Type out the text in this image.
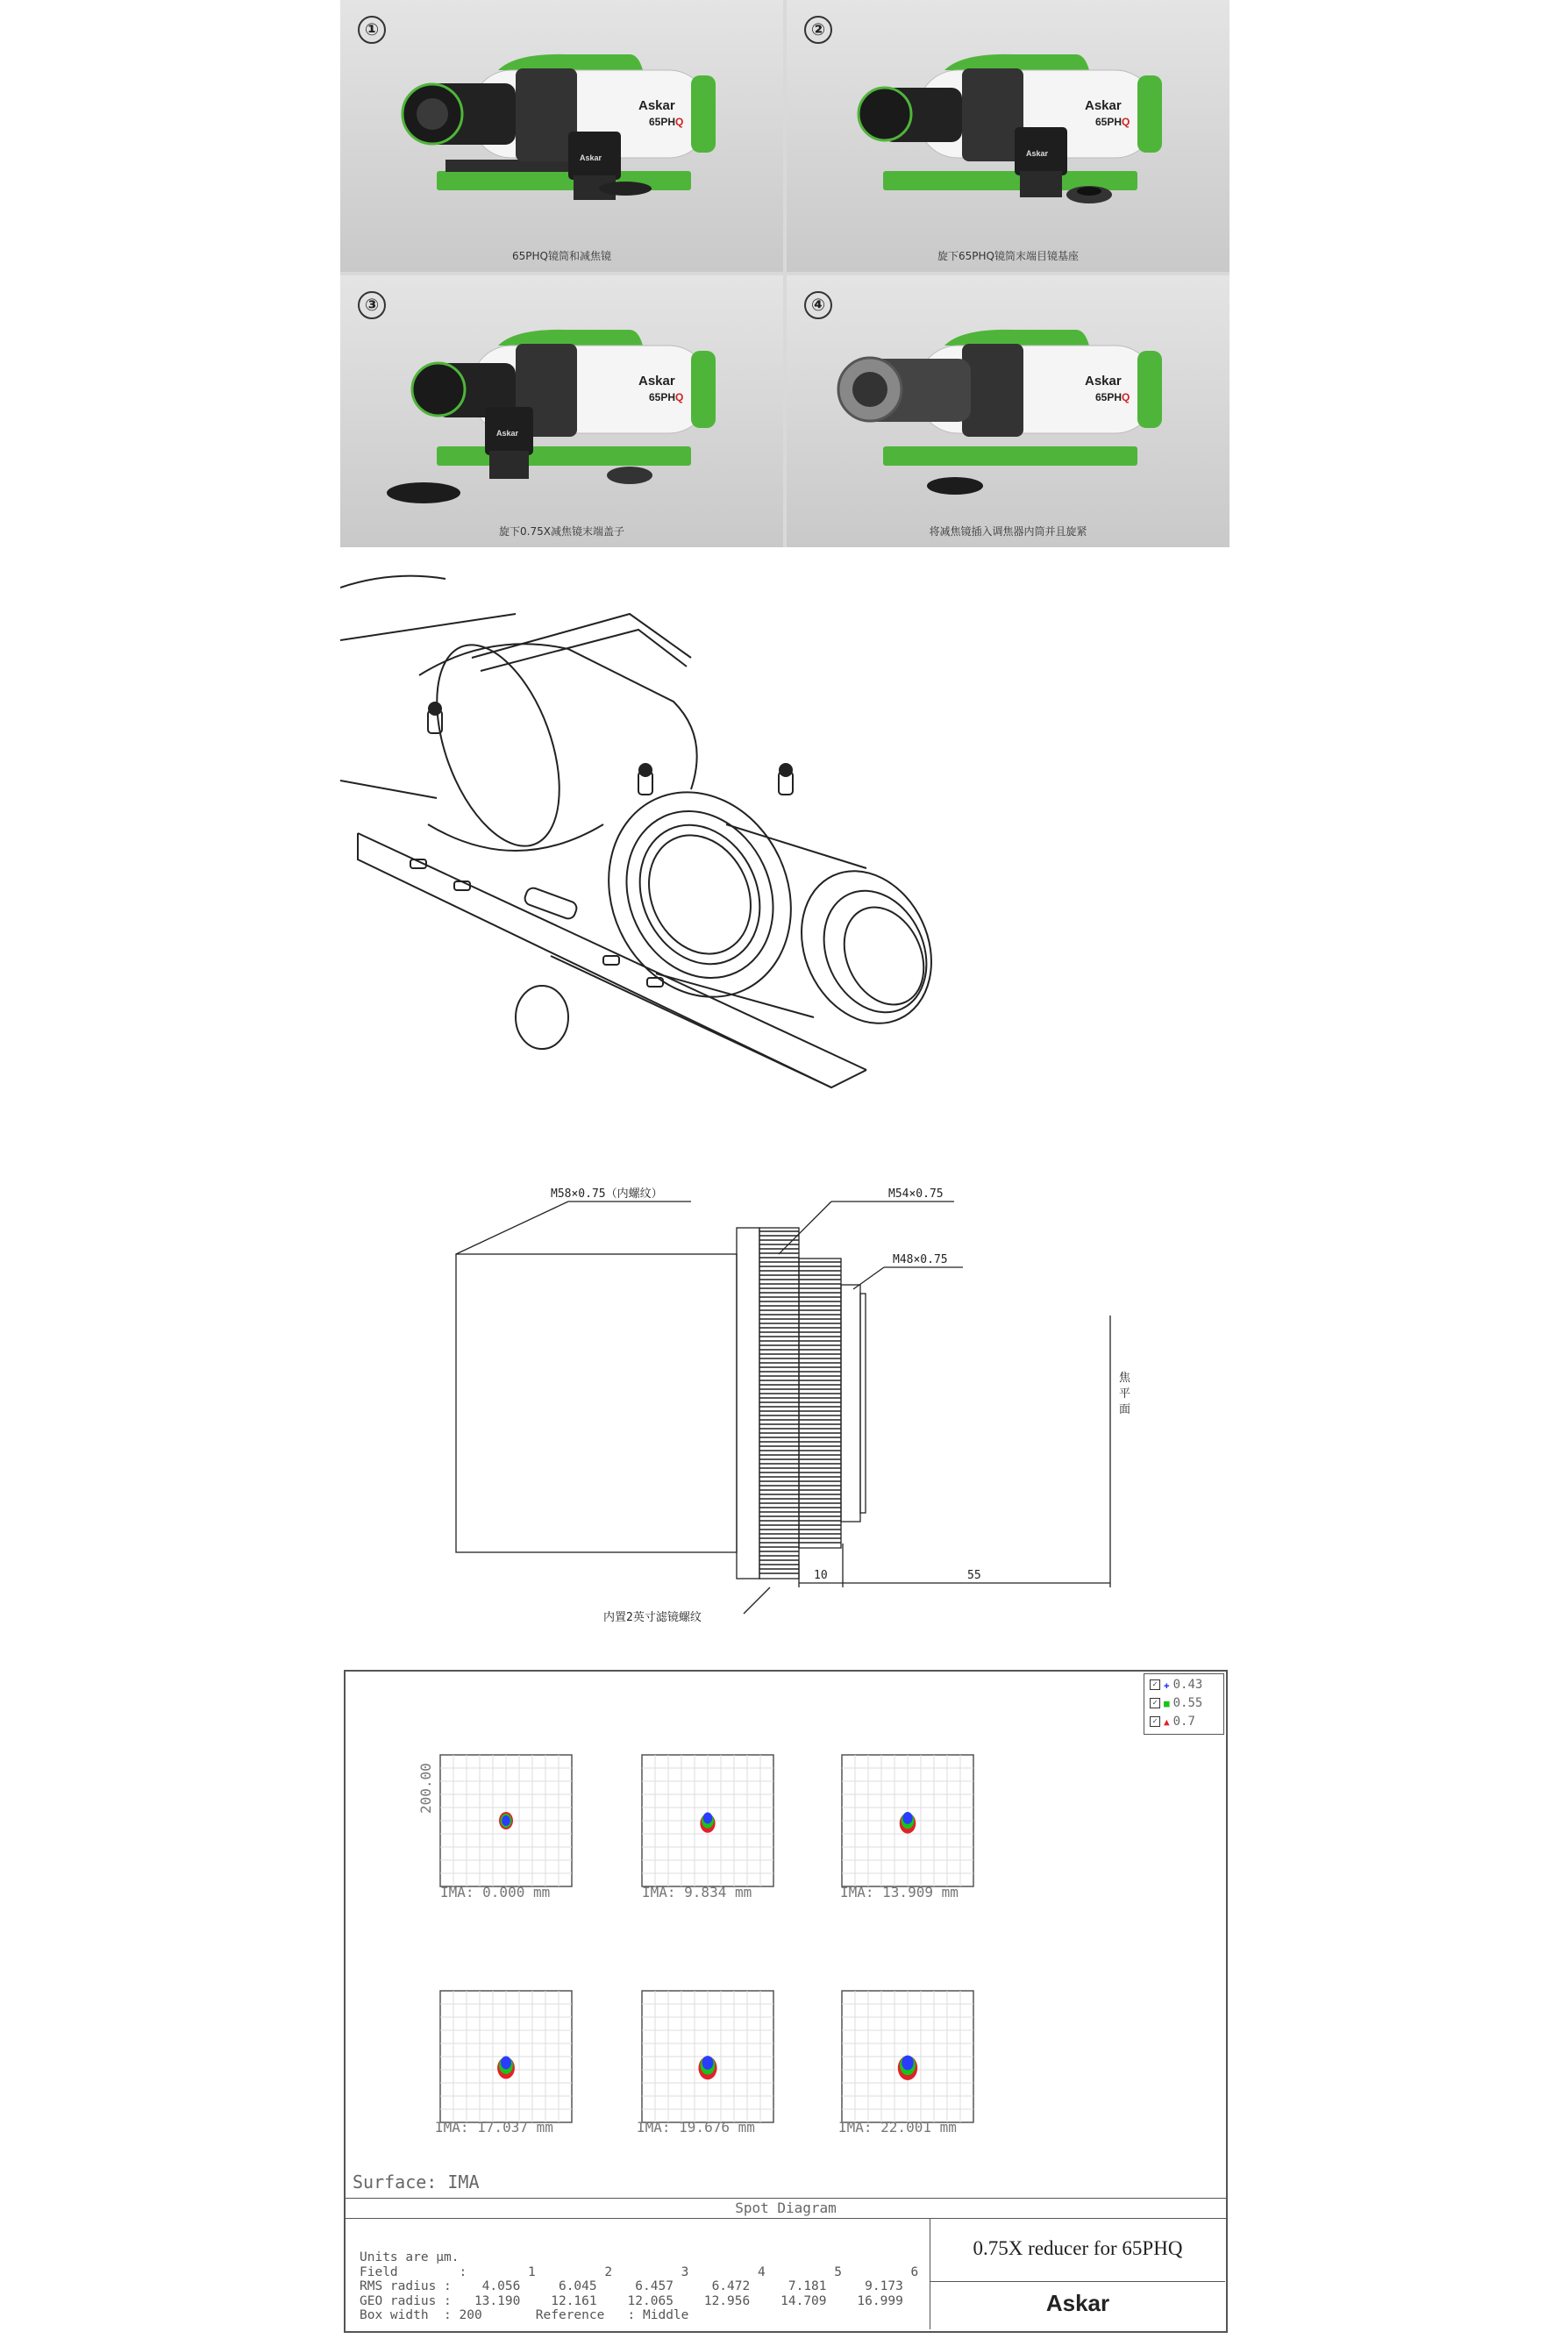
①
Askar
65PHQ
Askar
65PHQ镜筒和减焦镜
②
Askar
65PHQ
Askar
旋下65PHQ镜筒末端目镜基座
③
Askar
65PHQ
Askar
旋下0.75X减焦镜末端盖子
④
Askar
65PHQ
将减焦镜插入调焦器内筒并且旋紧
M58×0.75（内螺纹）	M54×0.75
M48×0.75
焦
平
面
10	55
内置2英寸滤镜螺纹
✓ ✚ 0.43
✓ ■ 0.55
✓ ▲ 0.7
200.00
IMA: 0.000 mm	IMA: 9.834 mm	IMA: 13.909 mm
IMA: 17.037 mm	IMA: 19.676 mm	IMA: 22.001 mm
Surface: IMA
Spot Diagram
Units are µm.
Field        :        1         2         3         4         5         6
RMS radius :    4.056     6.045     6.457     6.472     7.181     9.173
GEO radius :   13.190    12.161    12.065    12.956    14.709    16.999
Box width  : 200       Reference   : Middle
0.75X reducer for 65PHQ
Askar
